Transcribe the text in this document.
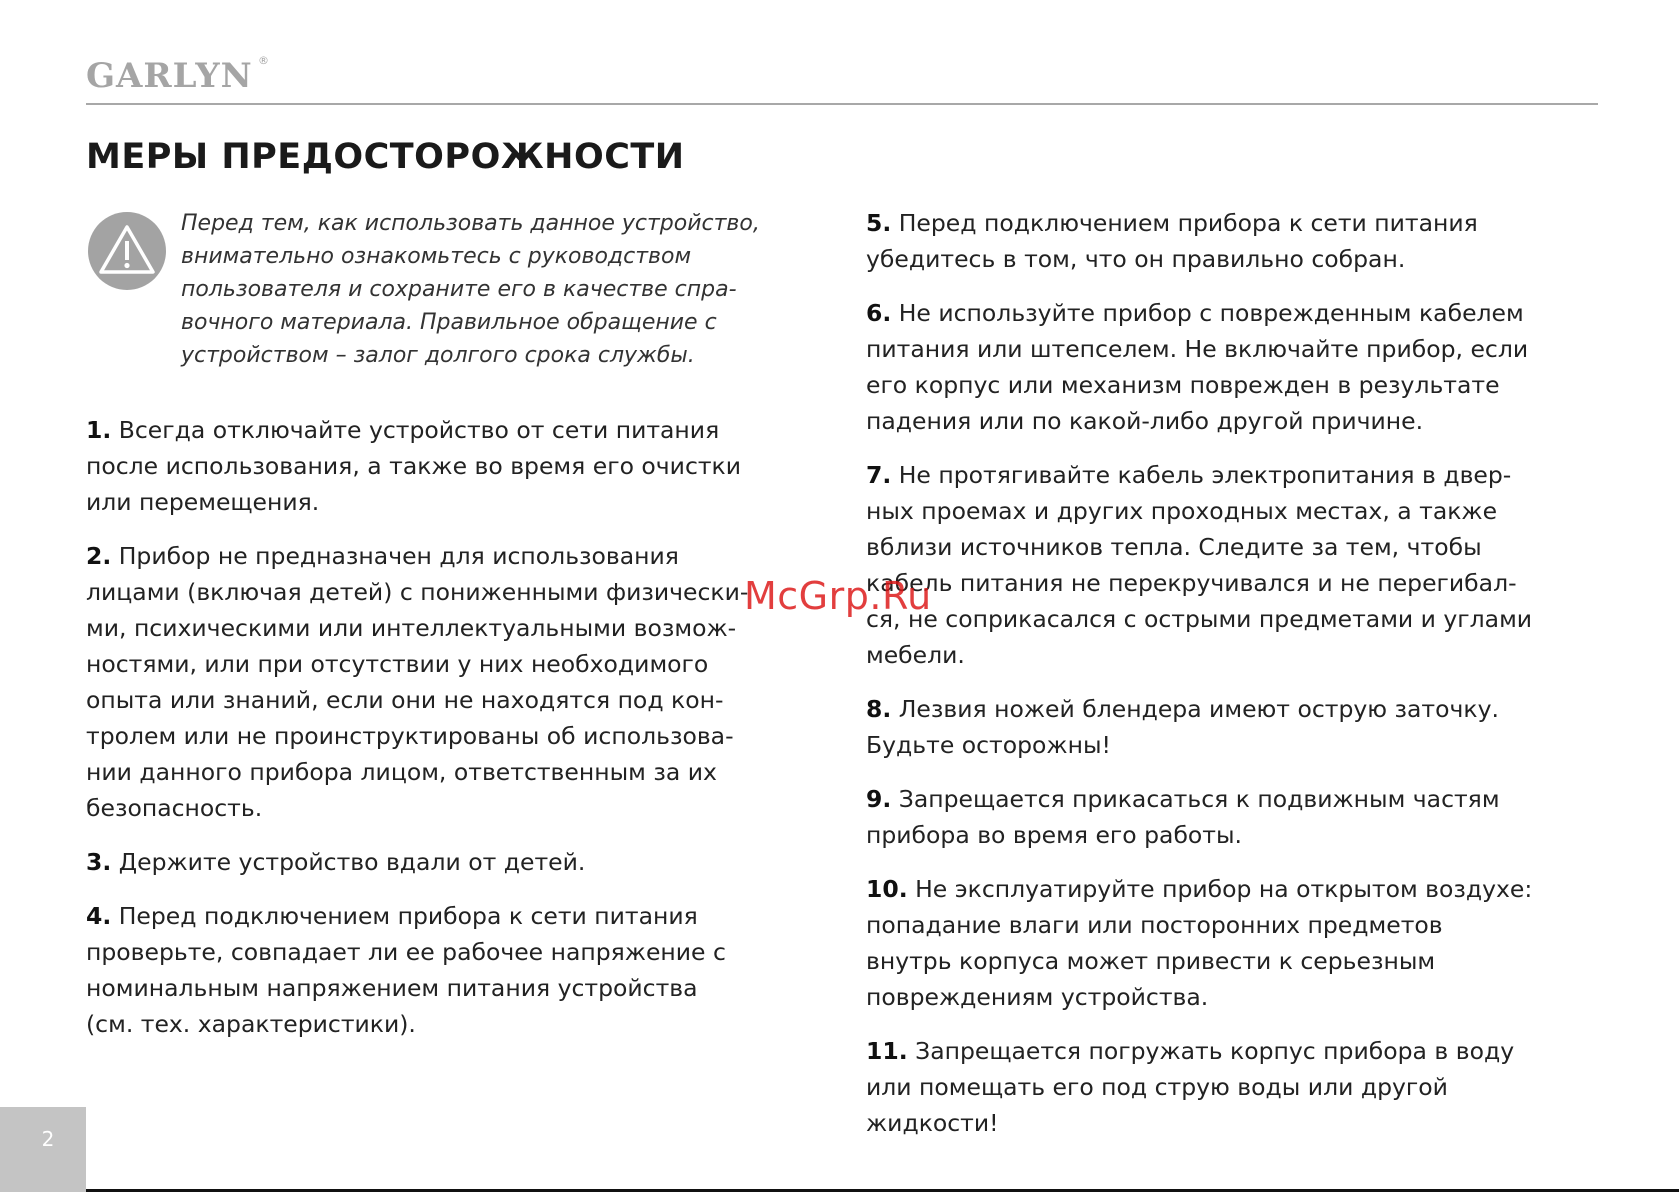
GARLYN ®
МЕРЫ ПРЕДОСТОРОЖНОСТИ

Перед тем, как использовать данное устройство,
внимательно ознакомьтесь с руководством
пользователя и сохраните его в качестве спра-
вочного материала. Правильное обращение с
устройством – залог долгого срока службы.

1. Всегда отключайте устройство от сети питания
после использования, а также во время его очистки
или перемещения.

2. Прибор не предназначен для использования
лицами (включая детей) с пониженными физически-
ми, психическими или интеллектуальными возмож-
ностями, или при отсутствии у них необходимого
опыта или знаний, если они не находятся под кон-
тролем или не проинструктированы об использова-
нии данного прибора лицом, ответственным за их
безопасность.

3. Держите устройство вдали от детей.

4. Перед подключением прибора к сети питания
проверьте, совпадает ли ее рабочее напряжение с
номинальным напряжением питания устройства
(см. тех. характеристики).

5. Перед подключением прибора к сети питания
убедитесь в том, что он правильно собран.

6. Не используйте прибор с поврежденным кабелем
питания или штепселем. Не включайте прибор, если
его корпус или механизм поврежден в результате
падения или по какой-либо другой причине.

7. Не протягивайте кабель электропитания в двер-
ных проемах и других проходных местах, а также
вблизи источников тепла. Следите за тем, чтобы
кабель питания не перекручивался и не перегибал-
ся, не соприкасался с острыми предметами и углами
мебели.

8. Лезвия ножей блендера имеют острую заточку.
Будьте осторожны!

9. Запрещается прикасаться к подвижным частям
прибора во время его работы.

10. Не эксплуатируйте прибор на открытом воздухе:
попадание влаги или посторонних предметов
внутрь корпуса может привести к серьезным
повреждениям устройства.

11. Запрещается погружать корпус прибора в воду
или помещать его под струю воды или другой
жидкости!

McGrp.Ru
2
